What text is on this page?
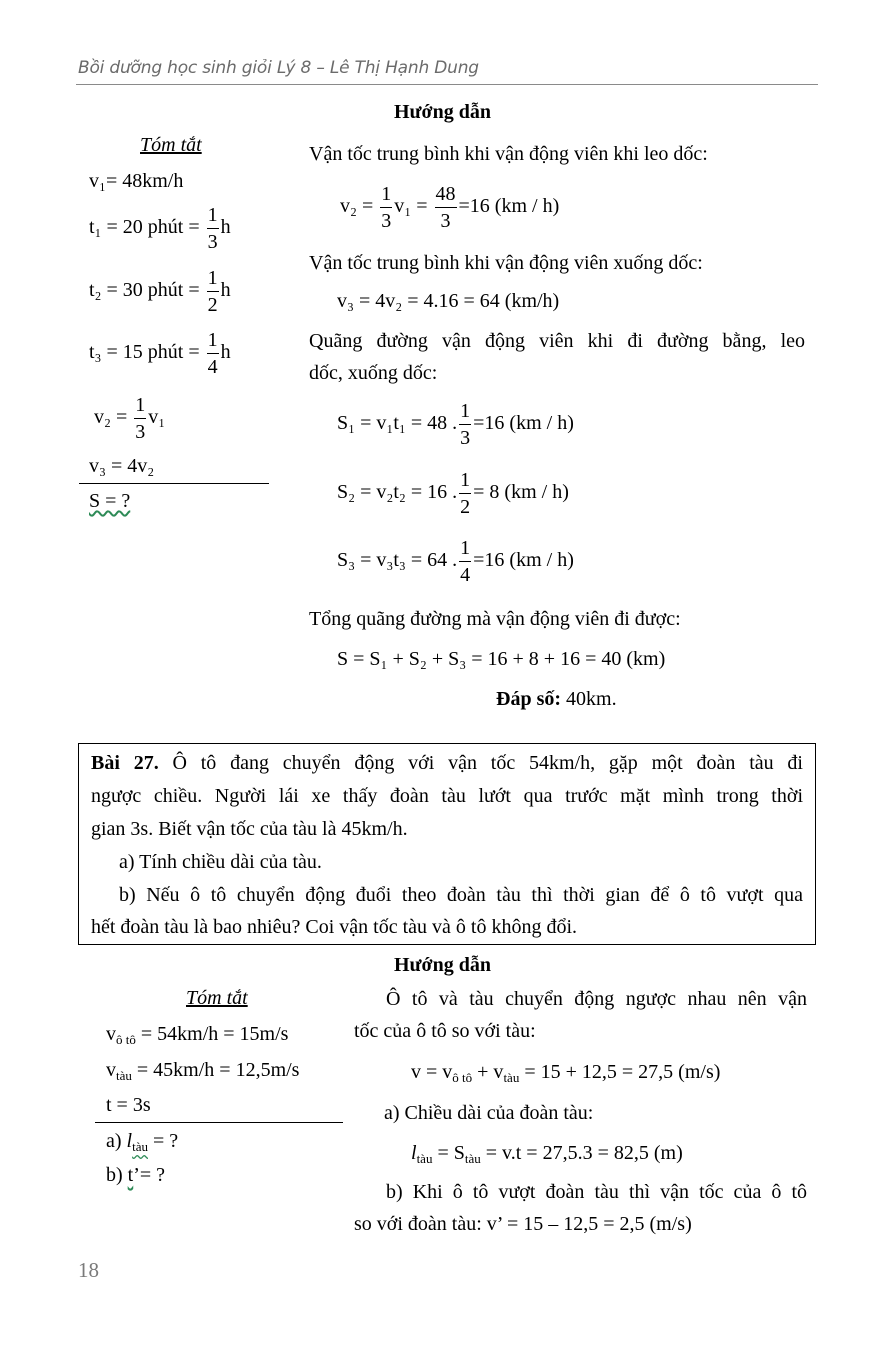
Bồi dưỡng học sinh giỏi Lý 8 – Lê Thị Hạnh Dung
Hướng dẫn
Tóm tắt
v₁= 48km/h
t₁ = 20 phút = $\frac{1}{3}$ h
t₂ = 30 phút = $\frac{1}{2}$ h
t₃ = 15 phút = $\frac{1}{4}$ h
$v_2 = \frac{1}{3} v_1$
v₃ = 4v₂
S = ?
Vận tốc trung bình khi vận động viên khi leo dốc:
$v_2 = \frac{1}{3} v_1 = \frac{48}{3} =16$ (km / h)
Vận tốc trung bình khi vận động viên xuống dốc:
v₃ = 4v₂ = 4.16 = 64 (km/h)
Quãng đường vận động viên khi đi đường bằng, leo
dốc, xuống dốc:
S₁ = v₁t₁ = 48 . $\frac{1}{3} =16$ (km / h)
S₂ = v₂t₂ = 16 . $\frac{1}{2} = 8$ (km / h)
S₃ = v₃t₃ = 64 . $\frac{1}{4} =16$ (km / h)
Tổng quãng đường mà vận động viên đi được:
S = S₁ + S₂ + S₃ = 16 + 8 + 16 = 40 (km)
Đáp số: 40km.
Bài 27. Ô tô đang chuyển động với vận tốc 54km/h, gặp một đoàn tàu đi
ngược chiều. Người lái xe thấy đoàn tàu lướt qua trước mặt mình trong thời
gian 3s. Biết vận tốc của tàu là 45km/h.
a) Tính chiều dài của tàu.
b) Nếu ô tô chuyển động đuổi theo đoàn tàu thì thời gian để ô tô vượt qua
hết đoàn tàu là bao nhiêu? Coi vận tốc tàu và ô tô không đổi.
Hướng dẫn
Tóm tắt
$v_{ô tô} = 54km/h = 15m/s$
$v_{tàu} = 45km/h = 12,5m/s$
t = 3s
a) $l_{tàu}$ = ?
b) t’= ?
Ô tô và tàu chuyển động ngược nhau nên vận
tốc của ô tô so với tàu:
$v = v_{ô tô} + v_{tàu} = 15 + 12,5 = 27,5$ (m/s)
a) Chiều dài của đoàn tàu:
$l_{tàu} = S_{tàu} = v.t = 27,5.3 = 82,5$ (m)
b) Khi ô tô vượt đoàn tàu thì vận tốc của ô tô
so với đoàn tàu: v’ = 15 – 12,5 = 2,5 (m/s)
18
